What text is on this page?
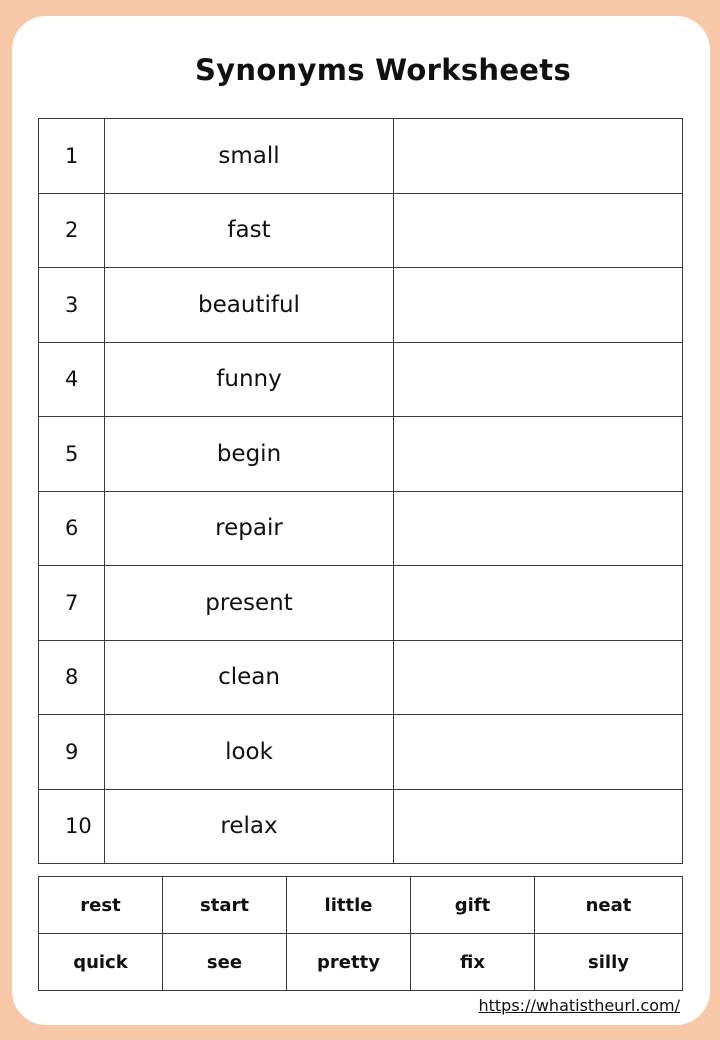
Synonyms Worksheets
1	small	
2	fast	
3	beautiful	
4	funny	
5	begin	
6	repair	
7	present	
8	clean	
9	look	
10	relax	
rest	start	little	gift	neat
quick	see	pretty	fix	silly
https://whatistheurl.com/
